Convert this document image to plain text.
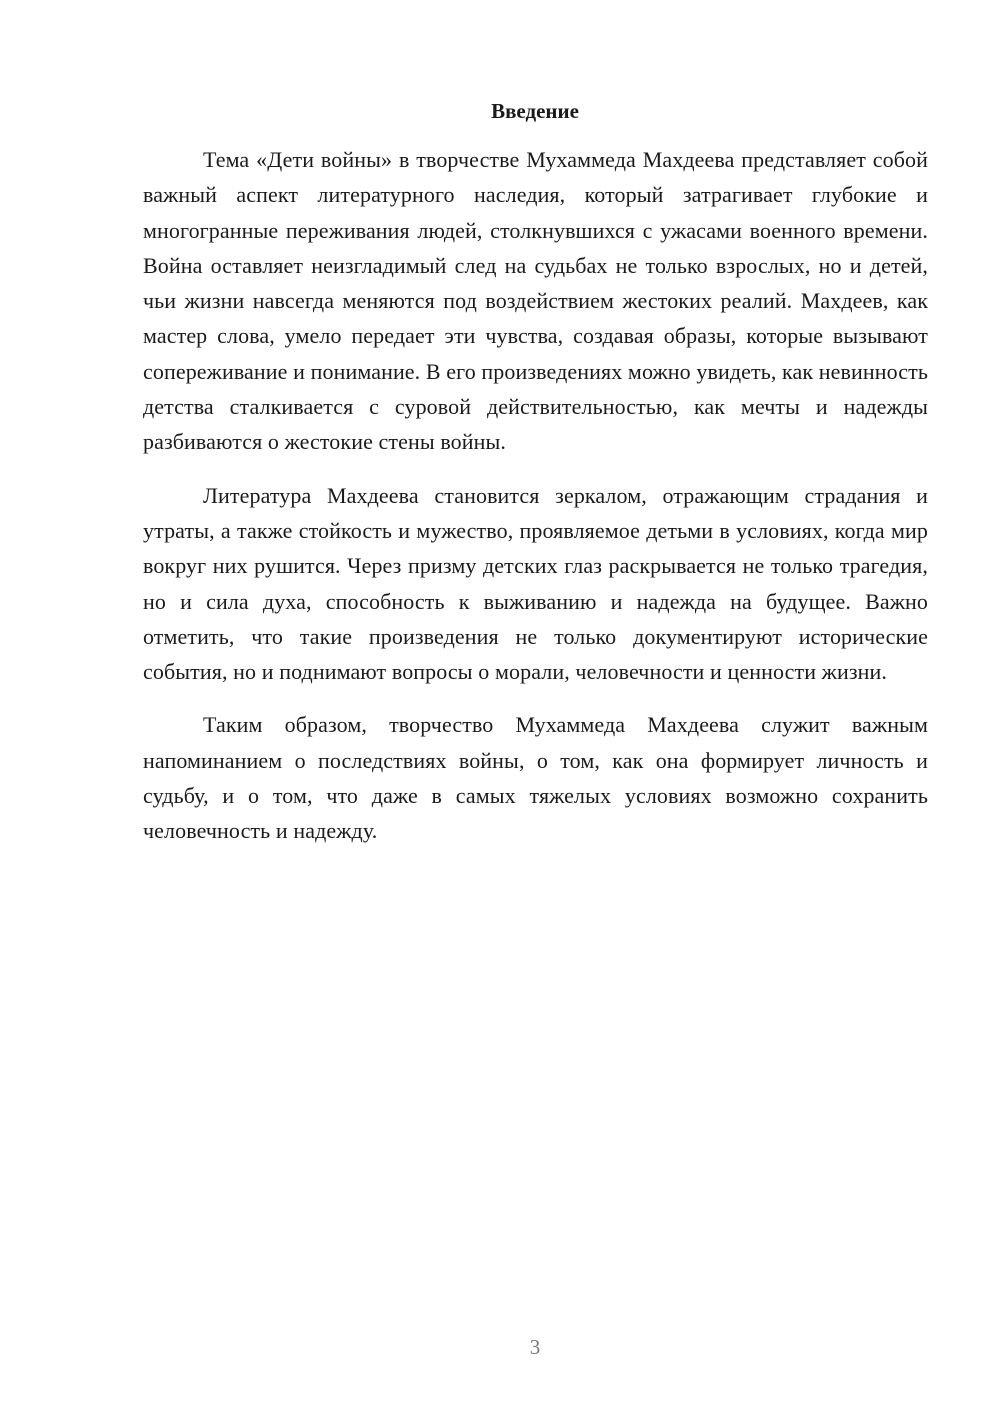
Введение

Тема «Дети войны» в творчестве Мухаммеда Махдеева представляет собой важный аспект литературного наследия, который затрагивает глубокие и многогранные переживания людей, столкнувшихся с ужасами военного времени. Война оставляет неизгладимый след на судьбах не только взрослых, но и детей, чьи жизни навсегда меняются под воздействием жестоких реалий. Махдеев, как мастер слова, умело передает эти чувства, создавая образы, которые вызывают сопереживание и понимание. В его произведениях можно увидеть, как невинность детства сталкивается с суровой действительностью, как мечты и надежды разбиваются о жестокие стены войны.

Литература Махдеева становится зеркалом, отражающим страдания и утраты, а также стойкость и мужество, проявляемое детьми в условиях, когда мир вокруг них рушится. Через призму детских глаз раскрывается не только трагедия, но и сила духа, способность к выживанию и надежда на будущее. Важно отметить, что такие произведения не только документируют исторические события, но и поднимают вопросы о морали, человечности и ценности жизни.

Таким образом, творчество Мухаммеда Махдеева служит важным напоминанием о последствиях войны, о том, как она формирует личность и судьбу, и о том, что даже в самых тяжелых условиях возможно сохранить человечность и надежду.

3
